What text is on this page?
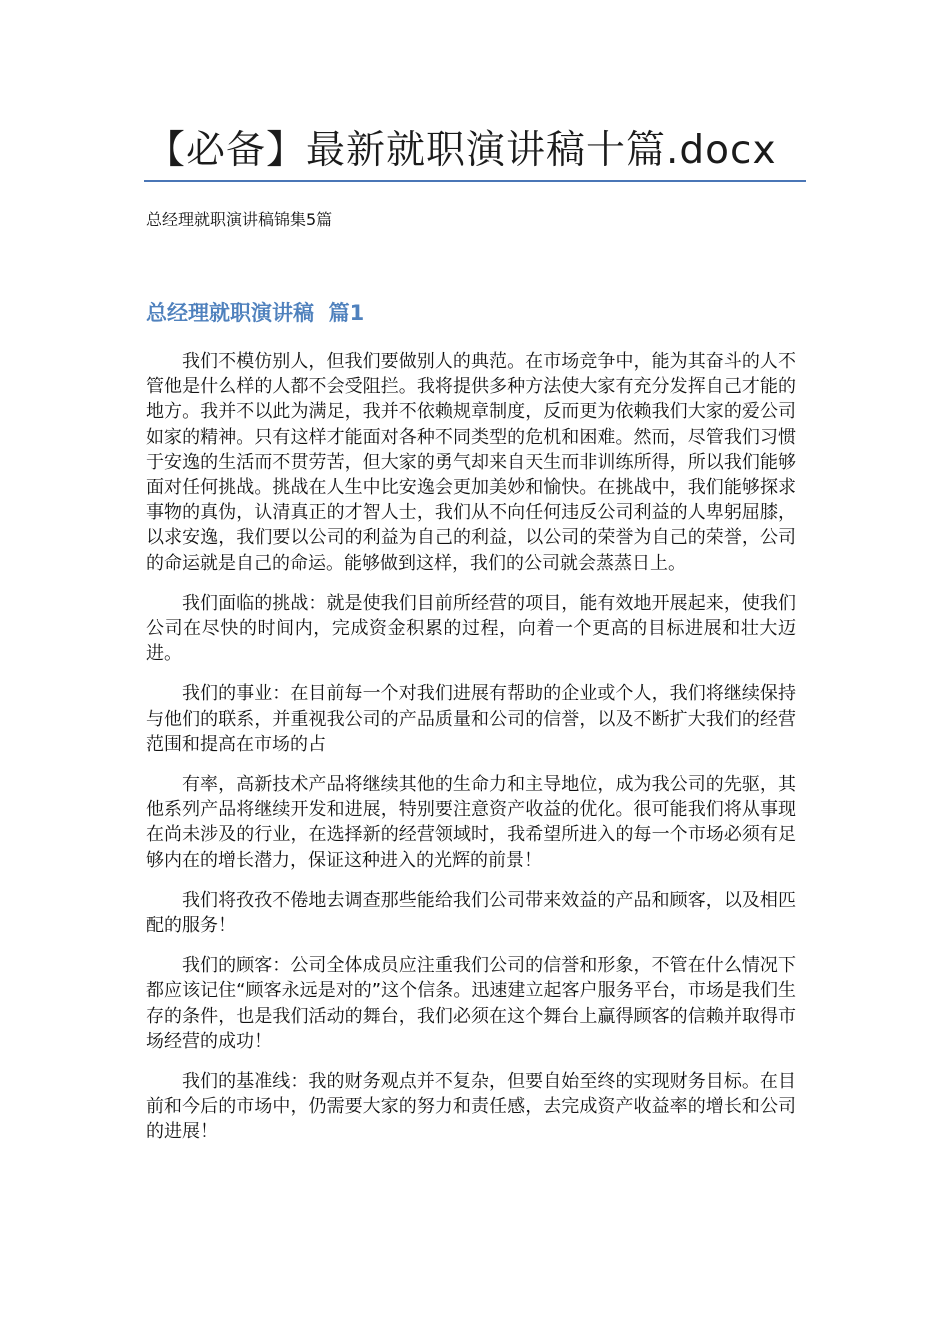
【必备】最新就职演讲稿十篇.docx

总经理就职演讲稿锦集5篇

总经理就职演讲稿  篇1

我们不模仿别人，但我们要做别人的典范。在市场竞争中，能为其奋斗的人不管他是什么样的人都不会受阻拦。我将提供多种方法使大家有充分发挥自己才能的地方。我并不以此为满足，我并不依赖规章制度，反而更为依赖我们大家的爱公司如家的精神。只有这样才能面对各种不同类型的危机和困难。然而，尽管我们习惯于安逸的生活而不贯劳苦，但大家的勇气却来自天生而非训练所得，所以我们能够面对任何挑战。挑战在人生中比安逸会更加美妙和愉快。在挑战中，我们能够探求事物的真伪，认清真正的才智人士，我们从不向任何违反公司利益的人卑躬屈膝，以求安逸，我们要以公司的利益为自己的利益，以公司的荣誉为自己的荣誉，公司的命运就是自己的命运。能够做到这样，我们的公司就会蒸蒸日上。

我们面临的挑战：就是使我们目前所经营的项目，能有效地开展起来，使我们公司在尽快的时间内，完成资金积累的过程，向着一个更高的目标进展和壮大迈进。

我们的事业：在目前每一个对我们进展有帮助的企业或个人，我们将继续保持与他们的联系，并重视我公司的产品质量和公司的信誉，以及不断扩大我们的经营范围和提高在市场的占

有率，高新技术产品将继续其他的生命力和主导地位，成为我公司的先驱，其他系列产品将继续开发和进展，特别要注意资产收益的优化。很可能我们将从事现在尚未涉及的行业，在选择新的经营领域时，我希望所进入的每一个市场必须有足够内在的增长潜力，保证这种进入的光辉的前景！

我们将孜孜不倦地去调查那些能给我们公司带来效益的产品和顾客，以及相匹配的服务！

我们的顾客：公司全体成员应注重我们公司的信誉和形象，不管在什么情况下都应该记住“顾客永远是对的”这个信条。迅速建立起客户服务平台，市场是我们生存的条件，也是我们活动的舞台，我们必须在这个舞台上赢得顾客的信赖并取得市场经营的成功！

我们的基准线：我的财务观点并不复杂，但要自始至终的实现财务目标。在目前和今后的市场中，仍需要大家的努力和责任感，去完成资产收益率的增长和公司的进展！
